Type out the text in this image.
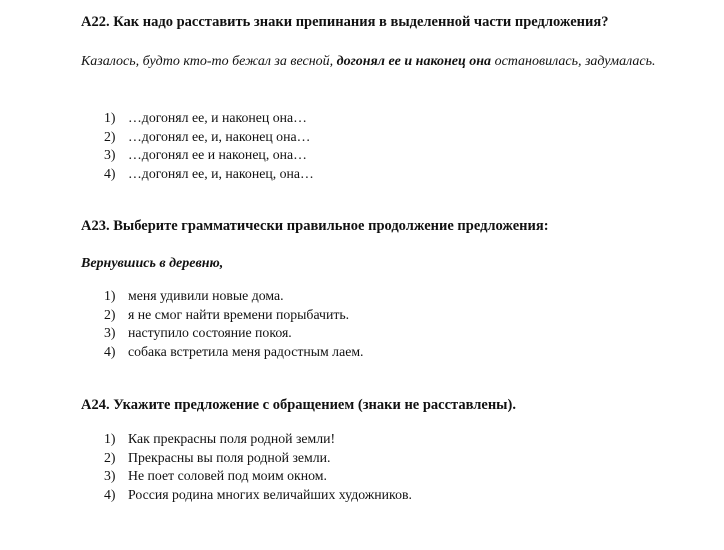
А22. Как надо расставить знаки препинания в выделенной части предложения?
Казалось, будто кто-то бежал за весной, догонял ее и наконец она остановилась, задумалась.
1) …догонял ее, и наконец она…
2) …догонял ее, и, наконец она…
3) …догонял ее и наконец, она…
4) …догонял ее, и, наконец, она…
А23. Выберите грамматически правильное продолжение предложения:
Вернувшись в деревню,
1) меня удивили новые дома.
2) я не смог найти времени порыбачить.
3) наступило состояние покоя.
4) собака встретила меня радостным лаем.
А24. Укажите предложение с обращением (знаки не расставлены).
1) Как прекрасны поля родной земли!
2) Прекрасны вы поля родной земли.
3) Не поет соловей под моим окном.
4) Россия родина многих величайших художников.
